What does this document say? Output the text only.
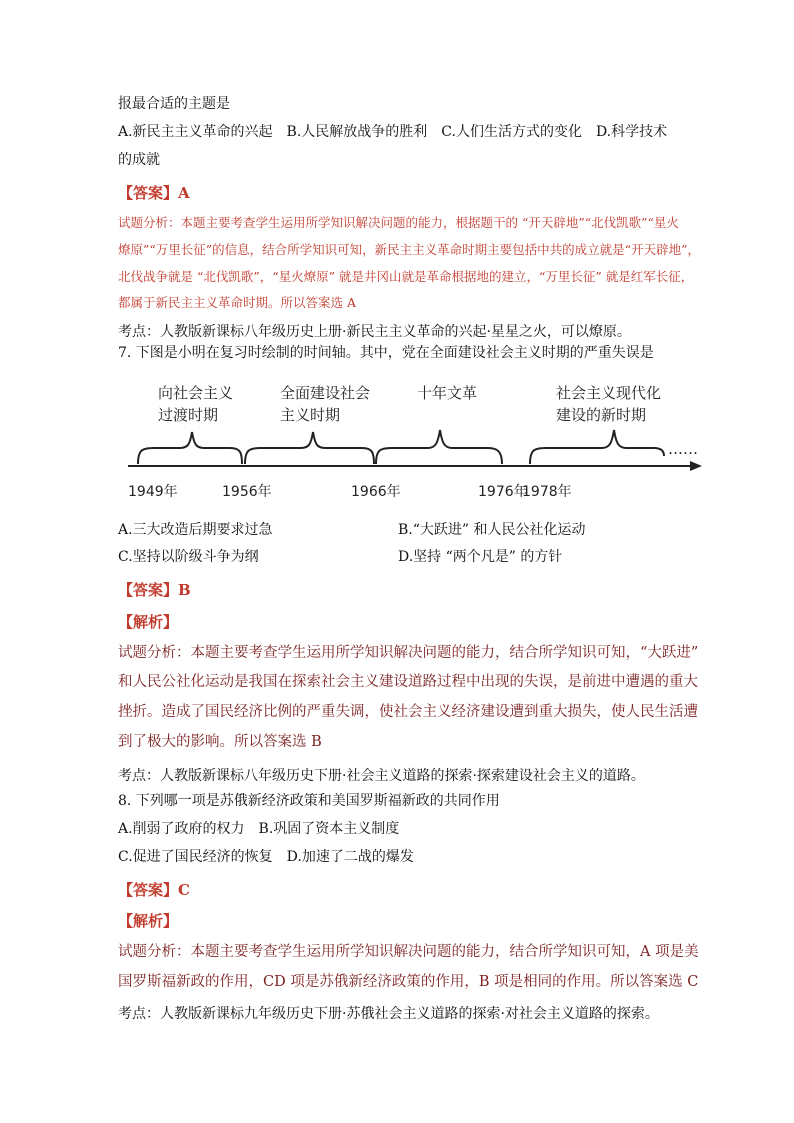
报最合适的主题是
A.新民主主义革命的兴起　B.人民解放战争的胜利　C.人们生活方式的变化　D.科学技术
的成就
【答案】A
试题分析：本题主要考查学生运用所学知识解决问题的能力，根据题干的 “开天辟地”“北伐凯歌”“星火
燎原”“万里长征”的信息，结合所学知识可知，新民主主义革命时期主要包括中共的成立就是“开天辟地”，
北伐战争就是 “北伐凯歌”，“星火燎原” 就是井冈山就是革命根据地的建立，“万里长征” 就是红军长征，
都属于新民主主义革命时期。所以答案选 A
考点：人教版新课标八年级历史上册·新民主主义革命的兴起·星星之火，可以燎原。
7. 下图是小明在复习时绘制的时间轴。其中，党在全面建设社会主义时期的严重失误是
向社会主义
过渡时期
全面建设社会
主义时期
十年文革	社会主义现代化
建设的新时期
……
1949年	1956年	1966年	1976年
1978年
A.三大改造后期要求过急	B.“大跃进” 和人民公社化运动
C.坚持以阶级斗争为纲	D.坚持 “两个凡是” 的方针
【答案】B
【解析】
试题分析：本题主要考查学生运用所学知识解决问题的能力，结合所学知识可知，“大跃进”
和人民公社化运动是我国在探索社会主义建设道路过程中出现的失误，是前进中遭遇的重大
挫折。造成了国民经济比例的严重失调，使社会主义经济建设遭到重大损失，使人民生活遭
到了极大的影响。所以答案选 B
考点：人教版新课标八年级历史下册·社会主义道路的探索·探索建设社会主义的道路。
8. 下列哪一项是苏俄新经济政策和美国罗斯福新政的共同作用
A.削弱了政府的权力　B.巩固了资本主义制度
C.促进了国民经济的恢复　D.加速了二战的爆发
【答案】C
【解析】
试题分析：本题主要考查学生运用所学知识解决问题的能力，结合所学知识可知，A 项是美
国罗斯福新政的作用，CD 项是苏俄新经济政策的作用，B 项是相同的作用。所以答案选 C
考点：人教版新课标九年级历史下册·苏俄社会主义道路的探索·对社会主义道路的探索。
